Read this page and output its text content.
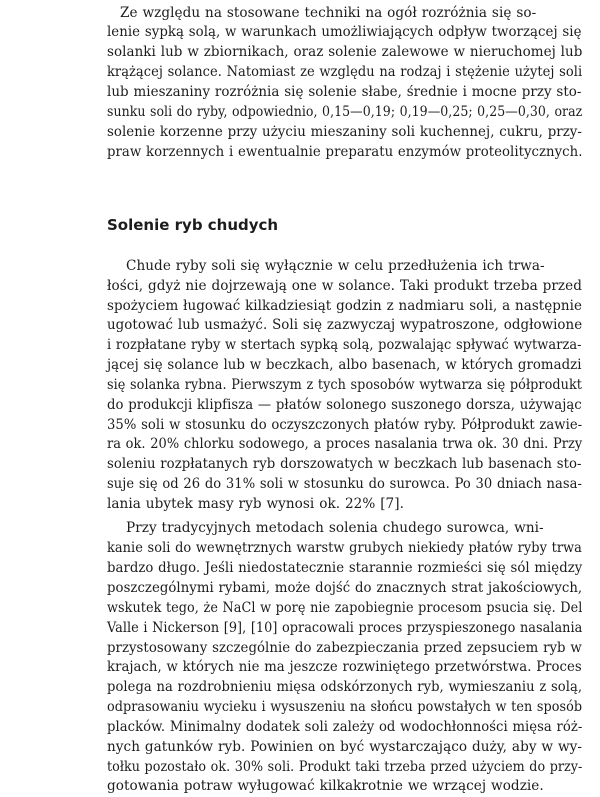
Ze względu na stosowane techniki na ogół rozróżnia się so-
lenie sypką solą, w warunkach umożliwiających odpływ tworzącej się
solanki lub w zbiornikach, oraz solenie zalewowe w nieruchomej lub
krążącej solance. Natomiast ze względu na rodzaj i stężenie użytej soli
lub mieszaniny rozróżnia się solenie słabe, średnie i mocne przy sto-
sunku soli do ryby, odpowiednio, 0,15—0,19; 0,19—0,25; 0,25—0,30, oraz
solenie korzenne przy użyciu mieszaniny soli kuchennej, cukru, przy-
praw korzennych i ewentualnie preparatu enzymów proteolitycznych.
Solenie ryb chudych
Chude ryby soli się wyłącznie w celu przedłużenia ich trwa-
łości, gdyż nie dojrzewają one w solance. Taki produkt trzeba przed
spożyciem ługować kilkadziesiąt godzin z nadmiaru soli, a następnie
ugotować lub usmażyć. Soli się zazwyczaj wypatroszone, odgłowione
i rozpłatane ryby w stertach sypką solą, pozwalając spływać wytwarza-
jącej się solance lub w beczkach, albo basenach, w których gromadzi
się solanka rybna. Pierwszym z tych sposobów wytwarza się półprodukt
do produkcji klipfisza — płatów solonego suszonego dorsza, używając
35% soli w stosunku do oczyszczonych płatów ryby. Półprodukt zawie-
ra ok. 20% chlorku sodowego, a proces nasalania trwa ok. 30 dni. Przy
soleniu rozpłatanych ryb dorszowatych w beczkach lub basenach sto-
suje się od 26 do 31% soli w stosunku do surowca. Po 30 dniach nasa-
lania ubytek masy ryb wynosi ok. 22% [7].
Przy tradycyjnych metodach solenia chudego surowca, wni-
kanie soli do wewnętrznych warstw grubych niekiedy płatów ryby trwa
bardzo długo. Jeśli niedostatecznie starannie rozmieści się sól między
poszczególnymi rybami, może dojść do znacznych strat jakościowych,
wskutek tego, że NaCl w porę nie zapobiegnie procesom psucia się. Del
Valle i Nickerson [9], [10] opracowali proces przyspieszonego nasalania
przystosowany szczególnie do zabezpieczania przed zepsuciem ryb w
krajach, w których nie ma jeszcze rozwiniętego przetwórstwa. Proces
polega na rozdrobnieniu mięsa odskórzonych ryb, wymieszaniu z solą,
odprasowaniu wycieku i wysuszeniu na słońcu powstałych w ten sposób
placków. Minimalny dodatek soli zależy od wodochłonności mięsa róż-
nych gatunków ryb. Powinien on być wystarczająco duży, aby w wy-
tołku pozostało ok. 30% soli. Produkt taki trzeba przed użyciem do przy-
gotowania potraw wyługować kilkakrotnie we wrzącej wodzie.
